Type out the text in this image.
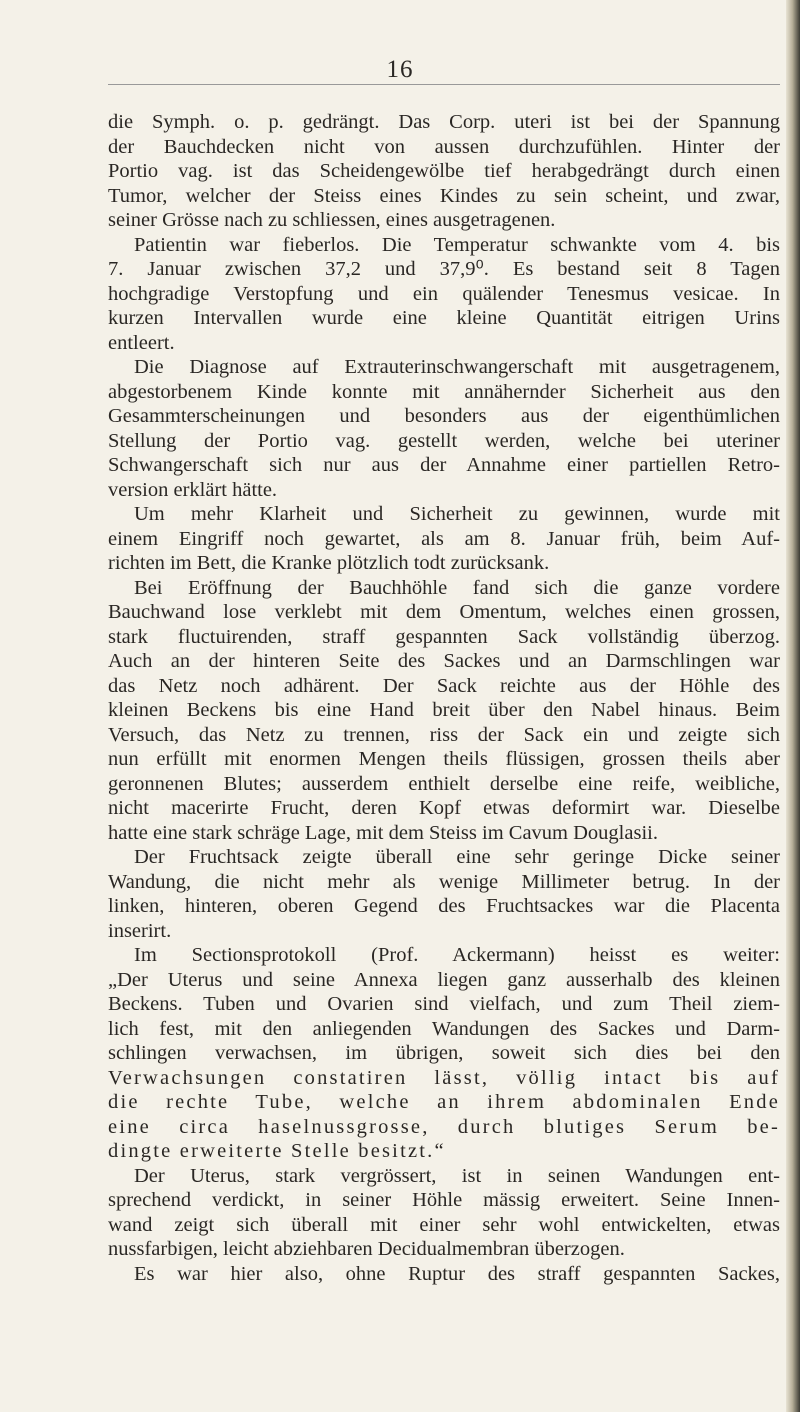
16
die Symph. o. p. gedrängt. Das Corp. uteri ist bei der Spannung
der Bauchdecken nicht von aussen durchzufühlen. Hinter der
Portio vag. ist das Scheidengewölbe tief herabgedrängt durch einen
Tumor, welcher der Steiss eines Kindes zu sein scheint, und zwar,
seiner Grösse nach zu schliessen, eines ausgetragenen.
Patientin war fieberlos. Die Temperatur schwankte vom 4. bis
7. Januar zwischen 37,2 und 37,9⁰. Es bestand seit 8 Tagen
hochgradige Verstopfung und ein quälender Tenesmus vesicae. In
kurzen Intervallen wurde eine kleine Quantität eitrigen Urins
entleert.
Die Diagnose auf Extrauterinschwangerschaft mit ausgetragenem,
abgestorbenem Kinde konnte mit annähernder Sicherheit aus den
Gesammterscheinungen und besonders aus der eigenthümlichen
Stellung der Portio vag. gestellt werden, welche bei uteriner
Schwangerschaft sich nur aus der Annahme einer partiellen Retro-
version erklärt hätte.
Um mehr Klarheit und Sicherheit zu gewinnen, wurde mit
einem Eingriff noch gewartet, als am 8. Januar früh, beim Auf-
richten im Bett, die Kranke plötzlich todt zurücksank.
Bei Eröffnung der Bauchhöhle fand sich die ganze vordere
Bauchwand lose verklebt mit dem Omentum, welches einen grossen,
stark fluctuirenden, straff gespannten Sack vollständig überzog.
Auch an der hinteren Seite des Sackes und an Darmschlingen war
das Netz noch adhärent. Der Sack reichte aus der Höhle des
kleinen Beckens bis eine Hand breit über den Nabel hinaus. Beim
Versuch, das Netz zu trennen, riss der Sack ein und zeigte sich
nun erfüllt mit enormen Mengen theils flüssigen, grossen theils aber
geronnenen Blutes; ausserdem enthielt derselbe eine reife, weibliche,
nicht macerirte Frucht, deren Kopf etwas deformirt war. Dieselbe
hatte eine stark schräge Lage, mit dem Steiss im Cavum Douglasii.
Der Fruchtsack zeigte überall eine sehr geringe Dicke seiner
Wandung, die nicht mehr als wenige Millimeter betrug. In der
linken, hinteren, oberen Gegend des Fruchtsackes war die Placenta
inserirt.
Im Sectionsprotokoll (Prof. Ackermann) heisst es weiter:
„Der Uterus und seine Annexa liegen ganz ausserhalb des kleinen
Beckens. Tuben und Ovarien sind vielfach, und zum Theil ziem-
lich fest, mit den anliegenden Wandungen des Sackes und Darm-
schlingen verwachsen, im übrigen, soweit sich dies bei den
Verwachsungen constatiren lässt, völlig intact bis auf
die rechte Tube, welche an ihrem abdominalen Ende
eine circa haselnussgrosse, durch blutiges Serum be-
dingte erweiterte Stelle besitzt.“
Der Uterus, stark vergrössert, ist in seinen Wandungen ent-
sprechend verdickt, in seiner Höhle mässig erweitert. Seine Innen-
wand zeigt sich überall mit einer sehr wohl entwickelten, etwas
nussfarbigen, leicht abziehbaren Decidualmembran überzogen.
Es war hier also, ohne Ruptur des straff gespannten Sackes,
